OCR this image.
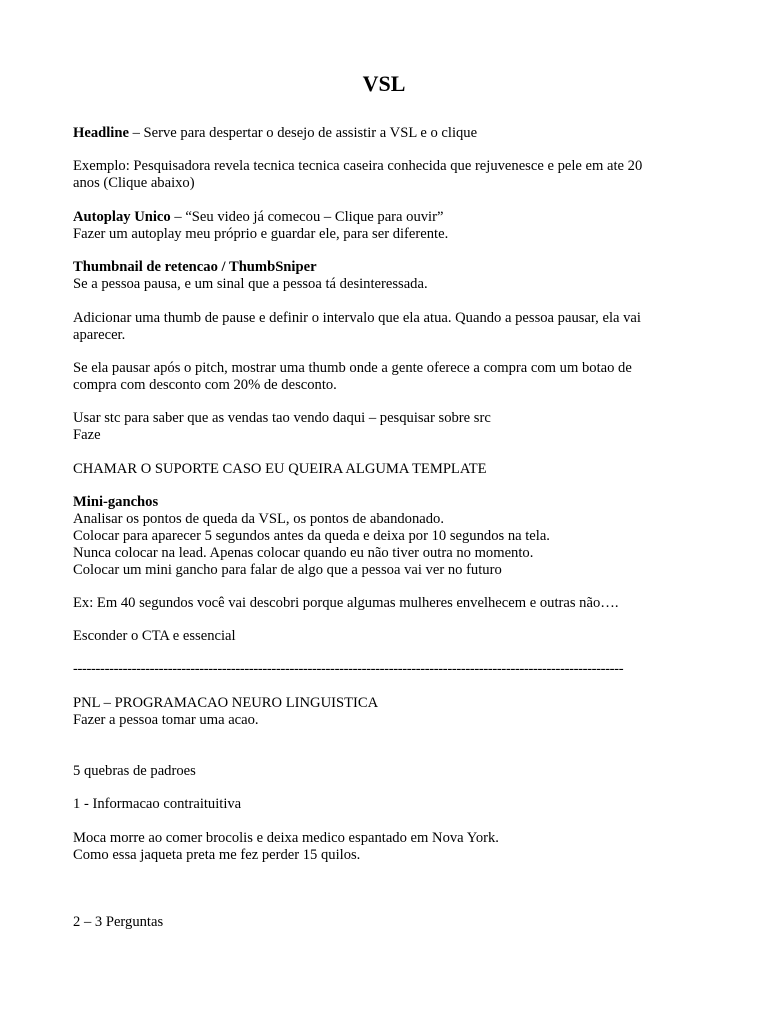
VSL
Headline – Serve para despertar o desejo de assistir a VSL e o clique
Exemplo: Pesquisadora revela tecnica tecnica caseira conhecida que rejuvenesce e pele em ate 20
anos (Clique abaixo)
Autoplay Unico – “Seu video já comecou – Clique para ouvir”
Fazer um autoplay meu próprio e guardar ele, para ser diferente.
Thumbnail de retencao / ThumbSniper
Se a pessoa pausa, e um sinal que a pessoa tá desinteressada.
Adicionar uma thumb de pause e definir o intervalo que ela atua. Quando a pessoa pausar, ela vai
aparecer.
Se ela pausar após o pitch, mostrar uma thumb onde a gente oferece a compra com um botao de
compra com desconto com 20% de desconto.
Usar stc para saber que as vendas tao vendo daqui – pesquisar sobre src
Faze
CHAMAR O SUPORTE CASO EU QUEIRA ALGUMA TEMPLATE
Mini-ganchos
Analisar os pontos de queda da VSL, os pontos de abandonado.
Colocar para aparecer 5 segundos antes da queda e deixa por 10 segundos na tela.
Nunca colocar na lead. Apenas colocar quando eu não tiver outra no momento.
Colocar um mini gancho para falar de algo que a pessoa vai ver no futuro
Ex: Em 40 segundos você vai descobri porque algumas mulheres envelhecem e outras não….
Esconder o CTA e essencial
--------------------------------------------------------------------------------------------------------------------------
PNL – PROGRAMACAO NEURO LINGUISTICA
Fazer a pessoa tomar uma acao.
5 quebras de padroes
1 - Informacao contraituitiva
Moca morre ao comer brocolis e deixa medico espantado em Nova York.
Como essa jaqueta preta me fez perder 15 quilos.
2 – 3 Perguntas
